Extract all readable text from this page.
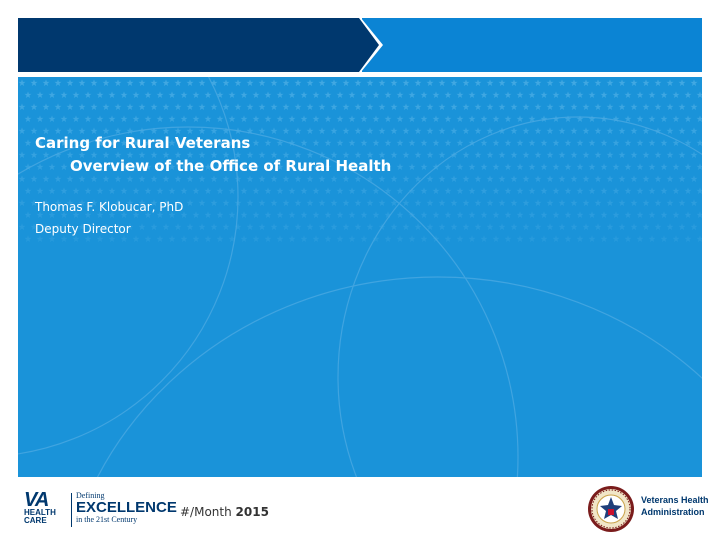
Caring for Rural Veterans

Overview of the Office of Rural Health
Thomas F. Klobucar, PhD
Deputy Director
VA
HEALTH
CARE
Defining
EXCELLENCE
in the 21st Century
#/Month 2015
Veterans Health
Administration
